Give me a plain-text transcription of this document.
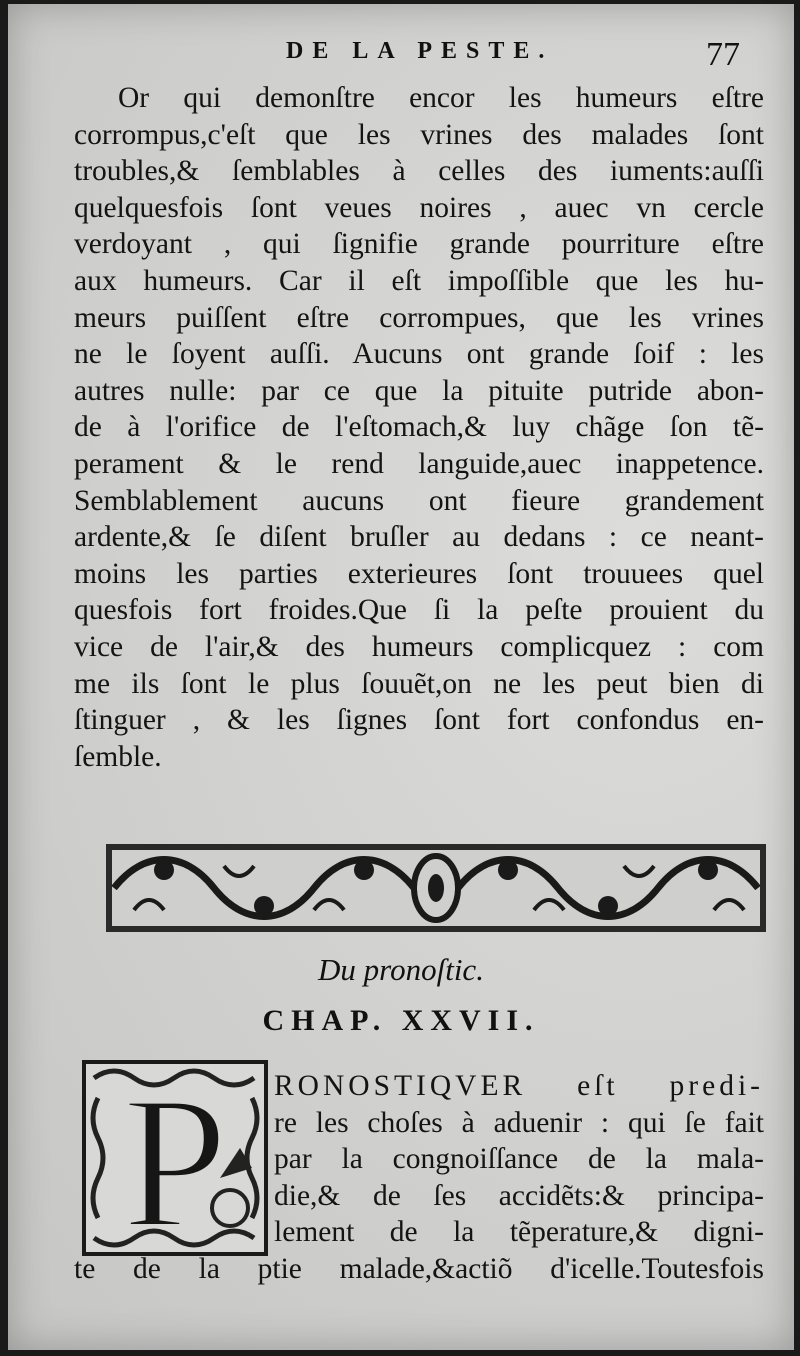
DE LA PESTE.	77
Or qui demonſtre encor les humeurs eſtre
corrompus,c'eſt que les vrines des malades ſont
troubles,& ſemblables à celles des iuments:auſſi
quelquesfois ſont veues noires , auec vn cercle
verdoyant , qui ſignifie grande pourriture eſtre
aux humeurs. Car il eſt impoſſible que les hu-
meurs puiſſent eſtre corrompues, que les vrines
ne le ſoyent auſſi. Aucuns ont grande ſoif : les
autres nulle: par ce que la pituite putride abon-
de à l'orifice de l'eſtomach,& luy chãge ſon tẽ-
perament & le rend languide,auec inappetence.
Semblablement aucuns ont fieure grandement
ardente,& ſe diſent bruſler au dedans : ce neant-
moins les parties exterieures ſont trouuees quel
quesfois fort froides.Que ſi la peſte prouient du
vice de l'air,& des humeurs complicquez : com
me ils ſont le plus ſouuẽt,on ne les peut bien di
ſtinguer , & les ſignes ſont fort confondus en-
ſemble.
Du pronoſtic.
CHAP. XXVII.
P	RONOSTIQVER eſt predi-
re les choſes à aduenir : qui ſe fait
par la congnoiſſance de la mala-
die,& de ſes accidẽts:& principa-
lement de la tẽperature,& digni-
te de la ptie malade,&actiõ d'icelle.Toutesfois
